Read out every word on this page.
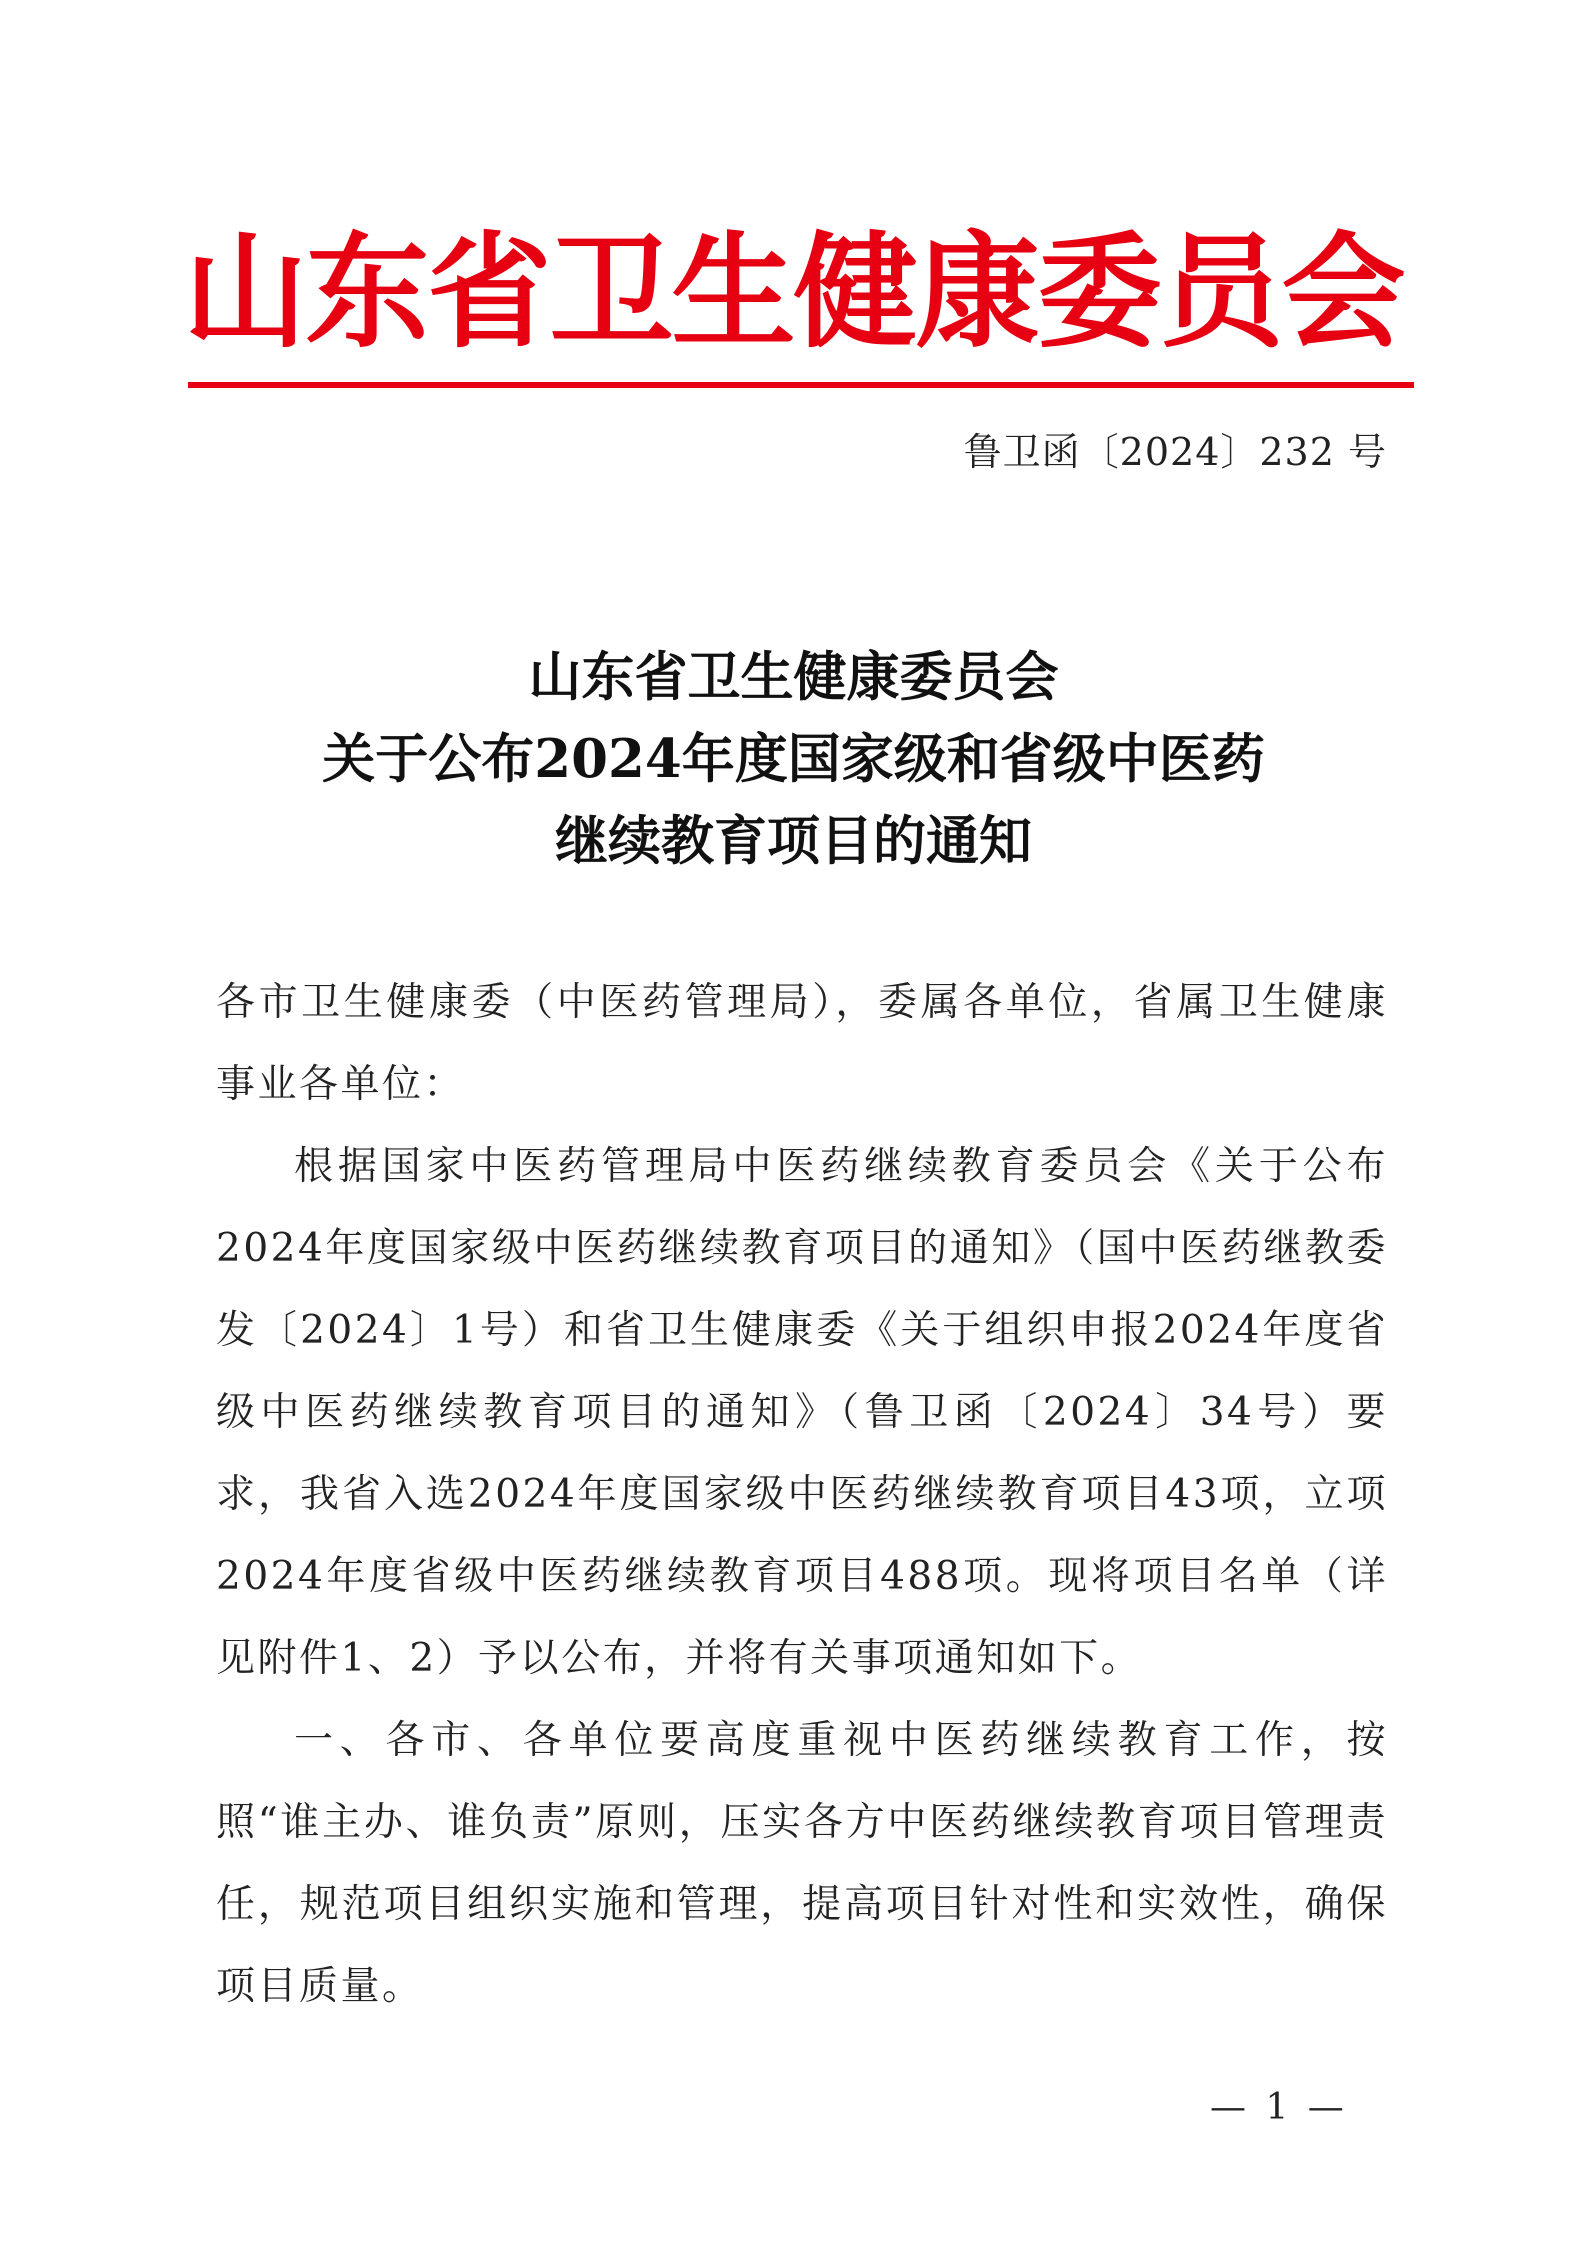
山东省卫生健康委员会
鲁卫函〔2024〕232 号
山东省卫生健康委员会
关于公布2024年度国家级和省级中医药
继续教育项目的通知

各市卫生健康委（中医药管理局），委属各单位，省属卫生健康事业各单位：

根据国家中医药管理局中医药继续教育委员会《关于公布2024年度国家级中医药继续教育项目的通知》（国中医药继教委发〔2024〕1号）和省卫生健康委《关于组织申报2024年度省级中医药继续教育项目的通知》（鲁卫函〔2024〕34号）要求，我省入选2024年度国家级中医药继续教育项目43项，立项2024年度省级中医药继续教育项目488项。现将项目名单（详见附件1、2）予以公布，并将有关事项通知如下。

一、各市、各单位要高度重视中医药继续教育工作，按照“谁主办、谁负责”原则，压实各方中医药继续教育项目管理责任，规范项目组织实施和管理，提高项目针对性和实效性，确保项目质量。

— 1 —
